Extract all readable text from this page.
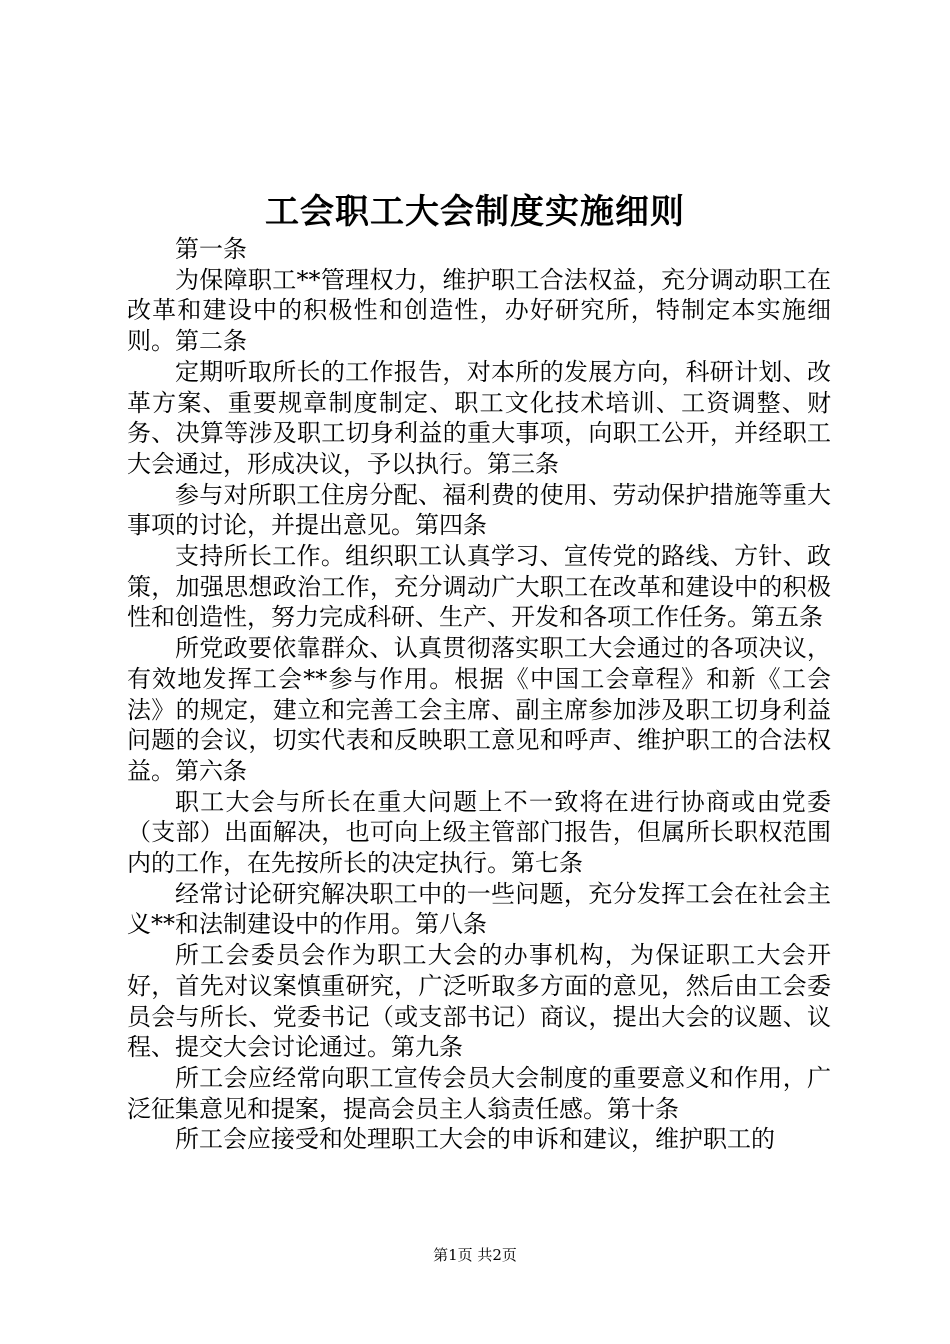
工会职工大会制度实施细则

第一条

为保障职工**管理权力，维护职工合法权益，充分调动职工在改革和建设中的积极性和创造性，办好研究所，特制定本实施细则。第二条

定期听取所长的工作报告，对本所的发展方向，科研计划、改革方案、重要规章制度制定、职工文化技术培训、工资调整、财务、决算等涉及职工切身利益的重大事项，向职工公开，并经职工大会通过，形成决议，予以执行。第三条

参与对所职工住房分配、福利费的使用、劳动保护措施等重大事项的讨论，并提出意见。第四条

支持所长工作。组织职工认真学习、宣传党的路线、方针、政策，加强思想政治工作，充分调动广大职工在改革和建设中的积极性和创造性，努力完成科研、生产、开发和各项工作任务。第五条

所党政要依靠群众、认真贯彻落实职工大会通过的各项决议，有效地发挥工会**参与作用。根据《中国工会章程》和新《工会法》的规定，建立和完善工会主席、副主席参加涉及职工切身利益问题的会议，切实代表和反映职工意见和呼声、维护职工的合法权益。第六条

职工大会与所长在重大问题上不一致将在进行协商或由党委（支部）出面解决，也可向上级主管部门报告，但属所长职权范围内的工作，在先按所长的决定执行。第七条

经常讨论研究解决职工中的一些问题，充分发挥工会在社会主义**和法制建设中的作用。第八条

所工会委员会作为职工大会的办事机构，为保证职工大会开好，首先对议案慎重研究，广泛听取多方面的意见，然后由工会委员会与所长、党委书记（或支部书记）商议，提出大会的议题、议程、提交大会讨论通过。第九条

所工会应经常向职工宣传会员大会制度的重要意义和作用，广泛征集意见和提案，提高会员主人翁责任感。第十条

所工会应接受和处理职工大会的申诉和建议，维护职工的

第1页 共2页
